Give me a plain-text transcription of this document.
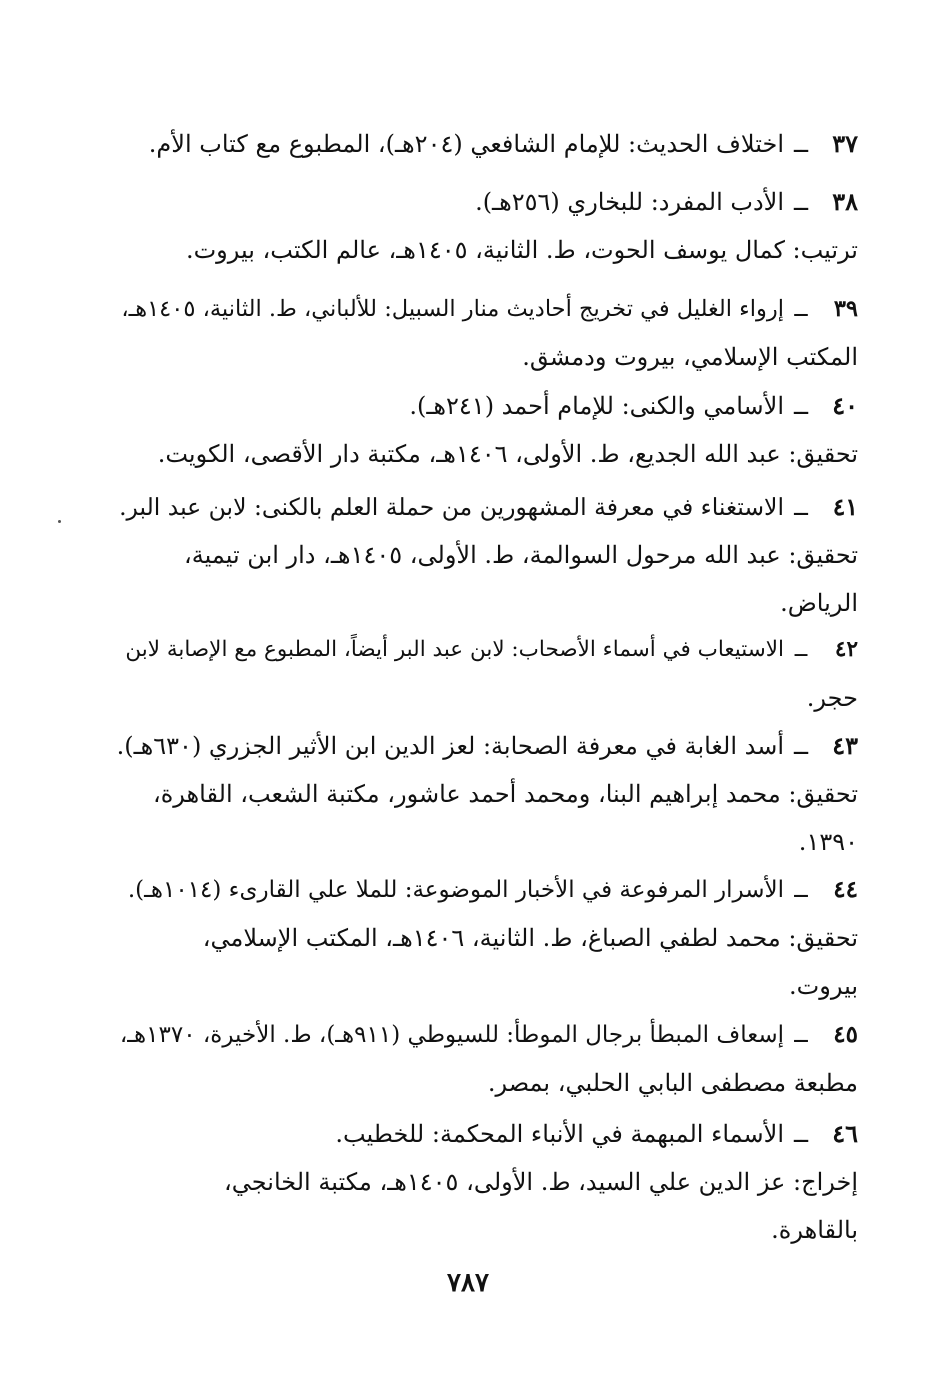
٣٧
ــ
اختلاف الحديث: للإمام الشافعي (٢٠٤هـ)، المطبوع مع كتاب الأم.
٣٨
ــ
الأدب المفرد: للبخاري (٢٥٦هـ).
ترتيب: كمال يوسف الحوت، ط. الثانية، ١٤٠٥هـ، عالم الكتب، بيروت.
٣٩
ــ
إرواء الغليل في تخريج أحاديث منار السبيل: للألباني، ط. الثانية، ١٤٠٥هـ،
المكتب الإسلامي، بيروت ودمشق.
٤٠
ــ
الأسامي والكنى: للإمام أحمد (٢٤١هـ).
تحقيق: عبد الله الجديع، ط. الأولى، ١٤٠٦هـ، مكتبة دار الأقصى، الكويت.
٤١
ــ
الاستغناء في معرفة المشهورين من حملة العلم بالكنى: لابن عبد البر.
تحقيق: عبد الله مرحول السوالمة، ط. الأولى، ١٤٠٥هـ، دار ابن تيمية،
الرياض.
٤٢
ــ
الاستيعاب في أسماء الأصحاب: لابن عبد البر أيضاً، المطبوع مع الإصابة لابن
حجر.
٤٣
ــ
أسد الغابة في معرفة الصحابة: لعز الدين ابن الأثير الجزري (٦٣٠هـ).
تحقيق: محمد إبراهيم البنا، ومحمد أحمد عاشور، مكتبة الشعب، القاهرة،
١٣٩٠.
٤٤
ــ
الأسرار المرفوعة في الأخبار الموضوعة: للملا علي القارىء (١٠١٤هـ).
تحقيق: محمد لطفي الصباغ، ط. الثانية، ١٤٠٦هـ، المكتب الإسلامي،
بيروت.
٤٥
ــ
إسعاف المبطأ برجال الموطأ: للسيوطي (٩١١هـ)، ط. الأخيرة، ١٣٧٠هـ،
مطبعة مصطفى البابي الحلبي، بمصر.
٤٦
ــ
الأسماء المبهمة في الأنباء المحكمة: للخطيب.
إخراج: عز الدين علي السيد، ط. الأولى، ١٤٠٥هـ، مكتبة الخانجي،
بالقاهرة.
٧٨٧
